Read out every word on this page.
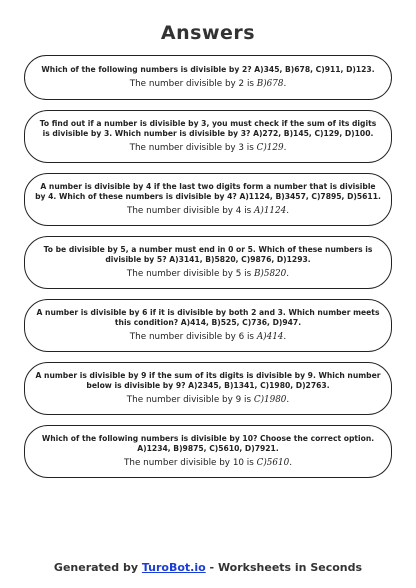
Answers
Which of the following numbers is divisible by 2? A)345, B)678, C)911, D)123.
The number divisible by 2 is B)678.
To find out if a number is divisible by 3, you must check if the sum of its digits is divisible by 3. Which number is divisible by 3? A)272, B)145, C)129, D)100.
The number divisible by 3 is C)129.
A number is divisible by 4 if the last two digits form a number that is divisible by 4. Which of these numbers is divisible by 4? A)1124, B)3457, C)7895, D)5611.
The number divisible by 4 is A)1124.
To be divisible by 5, a number must end in 0 or 5. Which of these numbers is divisible by 5? A)3141, B)5820, C)9876, D)1293.
The number divisible by 5 is B)5820.
A number is divisible by 6 if it is divisible by both 2 and 3. Which number meets this condition? A)414, B)525, C)736, D)947.
The number divisible by 6 is A)414.
A number is divisible by 9 if the sum of its digits is divisible by 9. Which number below is divisible by 9? A)2345, B)1341, C)1980, D)2763.
The number divisible by 9 is C)1980.
Which of the following numbers is divisible by 10? Choose the correct option. A)1234, B)9875, C)5610, D)7921.
The number divisible by 10 is C)5610.
Generated by TuroBot.io - Worksheets in Seconds
